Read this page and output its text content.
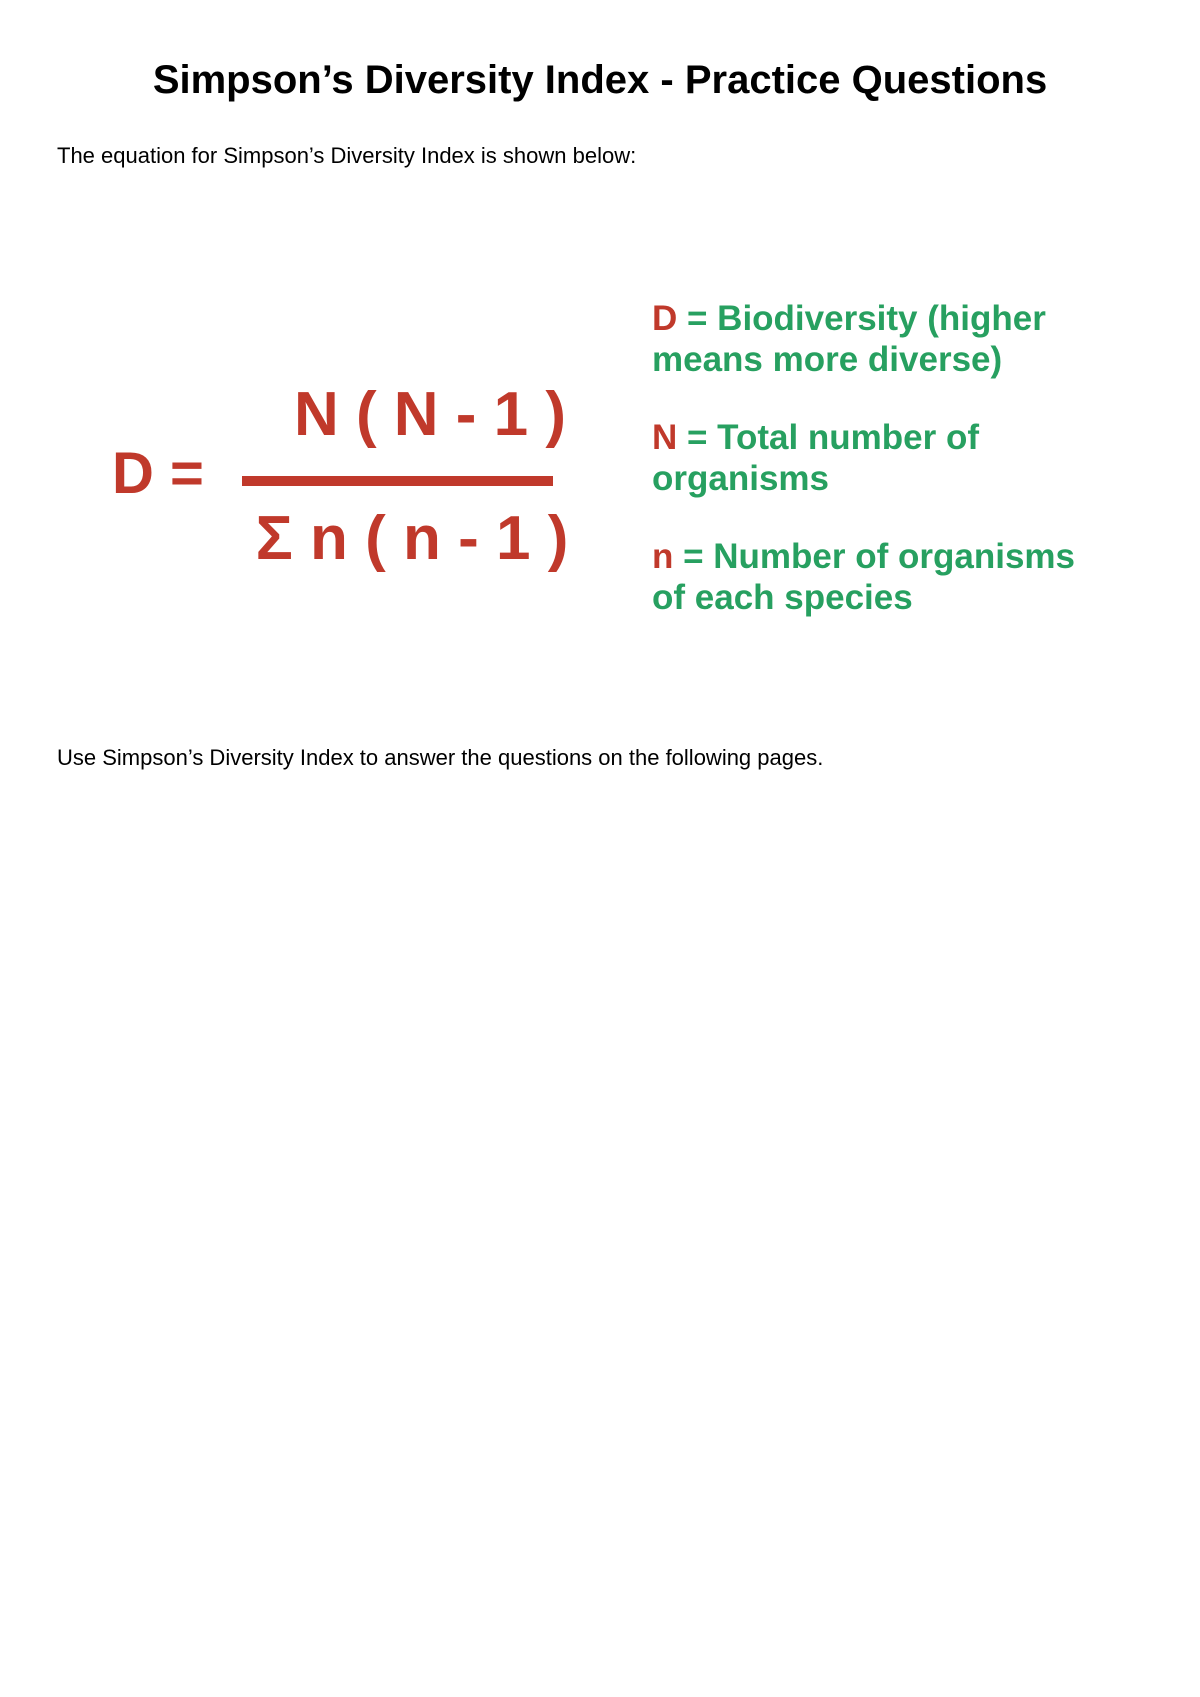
Simpson’s Diversity Index - Practice Questions

The equation for Simpson’s Diversity Index is shown below:

D =
N ( N - 1 )
Σ n ( n - 1 )

D = Biodiversity (higher means more diverse)

N = Total number of organisms

n = Number of organisms of each species

Use Simpson’s Diversity Index to answer the questions on the following pages.
